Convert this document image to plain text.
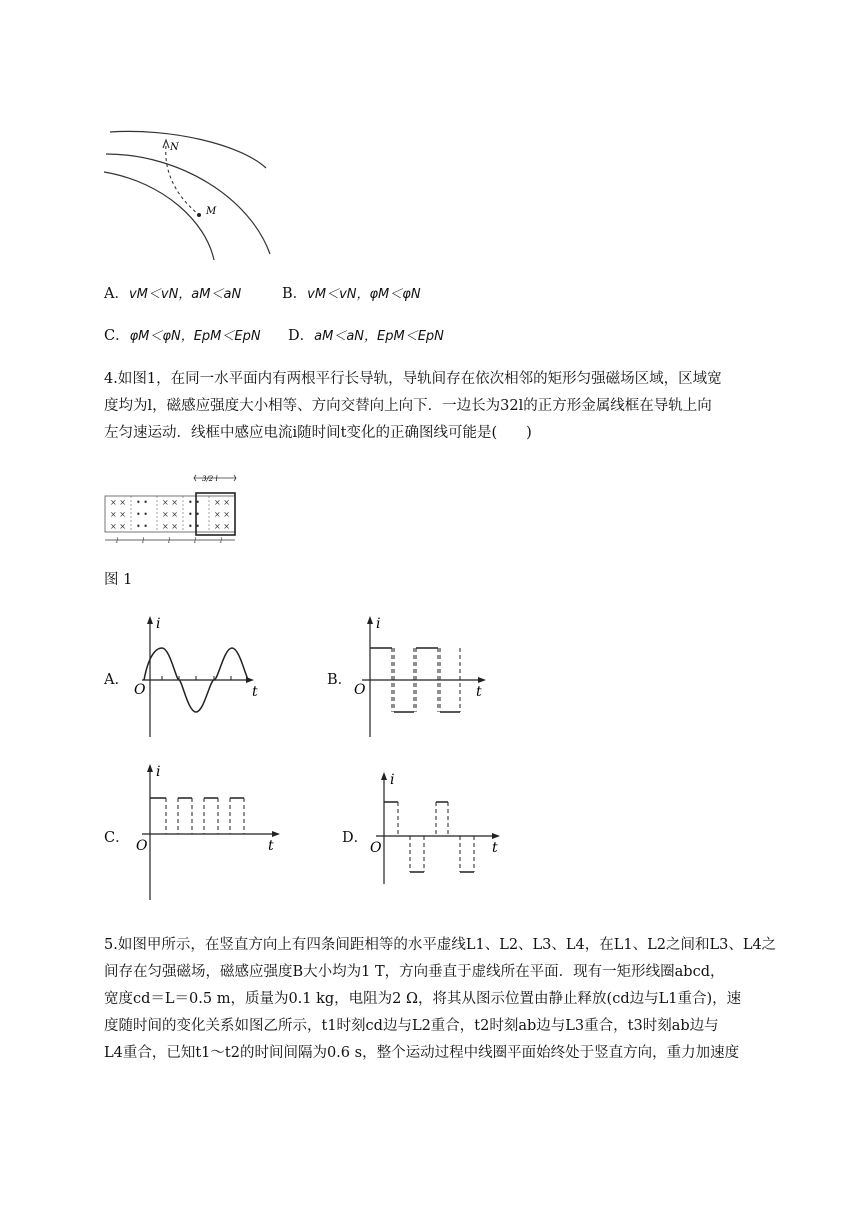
N
M
A．vM＜vN，aM＜aN	B．vM＜vN，φM＜φN
C．φM＜φN，EpM＜EpN D．aM＜aN，EpM＜EpN
4.如图1，在同一水平面内有两根平行长导轨，导轨间存在依次相邻的矩形匀强磁场区域，区域宽
度均为l，磁感应强度大小相等、方向交替向上向下．一边长为32l的正方形金属线框在导轨上向
左匀速运动．线框中感应电流i随时间t变化的正确图线可能是(　　)
3/2 l
× ×
× ×
× ×
• •
• •
• •
× ×
× ×
× ×
• •
• •
• •
× ×
× ×
× ×
l	l	l	l	l
图 1
A．
i
t
O
B．
i
t
O
C．
i
t
O	D．
i
t
O
5.如图甲所示，在竖直方向上有四条间距相等的水平虚线L1、L2、L3、L4，在L1、L2之间和L3、L4之
间存在匀强磁场，磁感应强度B大小均为1 T，方向垂直于虚线所在平面．现有一矩形线圈abcd，
宽度cd＝L＝0.5 m，质量为0.1 kg，电阻为2 Ω，将其从图示位置由静止释放(cd边与L1重合)，速
度随时间的变化关系如图乙所示，t1时刻cd边与L2重合，t2时刻ab边与L3重合，t3时刻ab边与
L4重合，已知t1～t2的时间间隔为0.6 s，整个运动过程中线圈平面始终处于竖直方向，重力加速度
